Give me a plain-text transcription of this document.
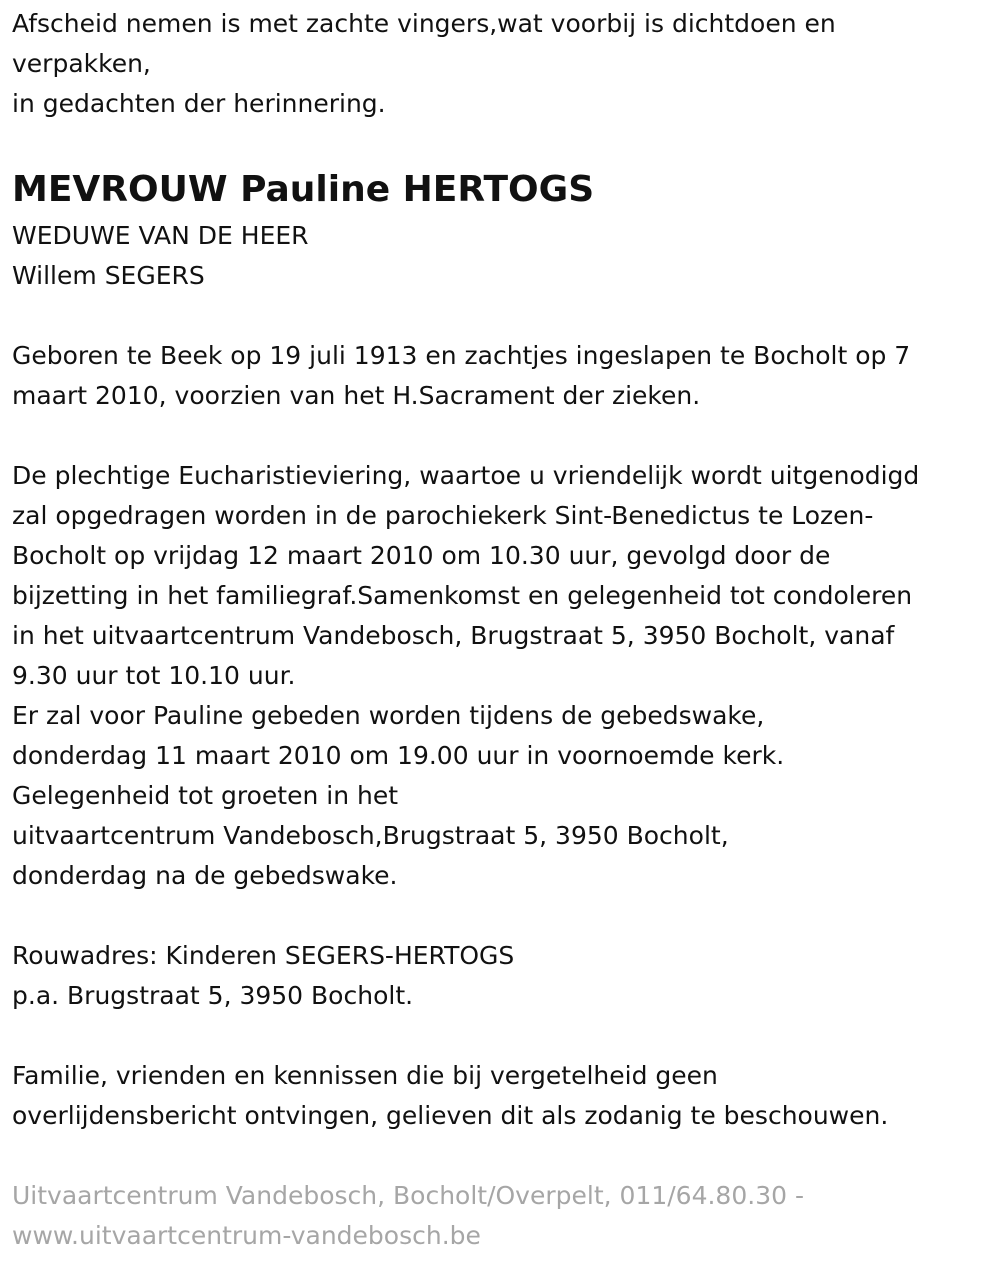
Afscheid nemen is met zachte vingers,wat voorbij is dichtdoen en

verpakken,

in gedachten der herinnering.

MEVROUW Pauline HERTOGS

WEDUWE VAN DE HEER

Willem SEGERS

Geboren te Beek op 19 juli 1913 en zachtjes ingeslapen te Bocholt op 7

maart 2010, voorzien van het H.Sacrament der zieken.

De plechtige Eucharistieviering, waartoe u vriendelijk wordt uitgenodigd

zal opgedragen worden in de parochiekerk Sint-Benedictus te Lozen-

Bocholt op vrijdag 12 maart 2010 om 10.30 uur, gevolgd door de

bijzetting in het familiegraf.Samenkomst en gelegenheid tot condoleren

in het uitvaartcentrum Vandebosch, Brugstraat 5, 3950 Bocholt, vanaf

9.30 uur tot 10.10 uur.

Er zal voor Pauline gebeden worden tijdens de gebedswake,

donderdag 11 maart 2010 om 19.00 uur in voornoemde kerk.

Gelegenheid tot groeten in het

uitvaartcentrum Vandebosch,Brugstraat 5, 3950 Bocholt,

donderdag na de gebedswake.

Rouwadres: Kinderen SEGERS-HERTOGS

p.a. Brugstraat 5, 3950 Bocholt.

Familie, vrienden en kennissen die bij vergetelheid geen

overlijdensbericht ontvingen, gelieven dit als zodanig te beschouwen.

Uitvaartcentrum Vandebosch, Bocholt/Overpelt, 011/64.80.30 -

www.uitvaartcentrum-vandebosch.be
